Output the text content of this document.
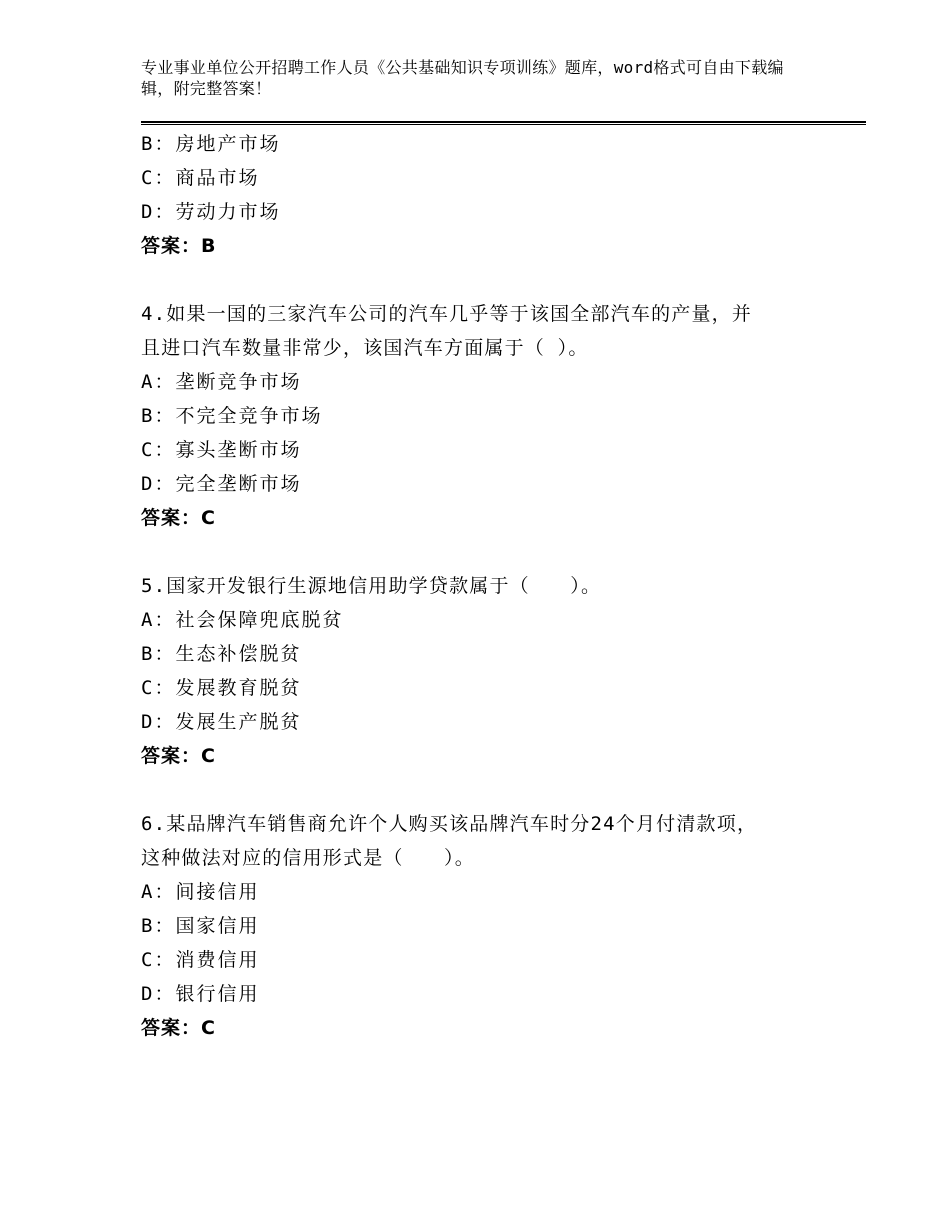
专业事业单位公开招聘工作人员《公共基础知识专项训练》题库，word格式可自由下载编辑，附完整答案！
B：房地产市场
C：商品市场
D：劳动力市场
答案：B
4.如果一国的三家汽车公司的汽车几乎等于该国全部汽车的产量，并
且进口汽车数量非常少，该国汽车方面属于（ ）。
A：垄断竞争市场
B：不完全竞争市场
C：寡头垄断市场
D：完全垄断市场
答案：C
5.国家开发银行生源地信用助学贷款属于（　　）。
A：社会保障兜底脱贫
B：生态补偿脱贫
C：发展教育脱贫
D：发展生产脱贫
答案：C
6.某品牌汽车销售商允许个人购买该品牌汽车时分24个月付清款项，
这种做法对应的信用形式是（　　）。
A：间接信用
B：国家信用
C：消费信用
D：银行信用
答案：C
